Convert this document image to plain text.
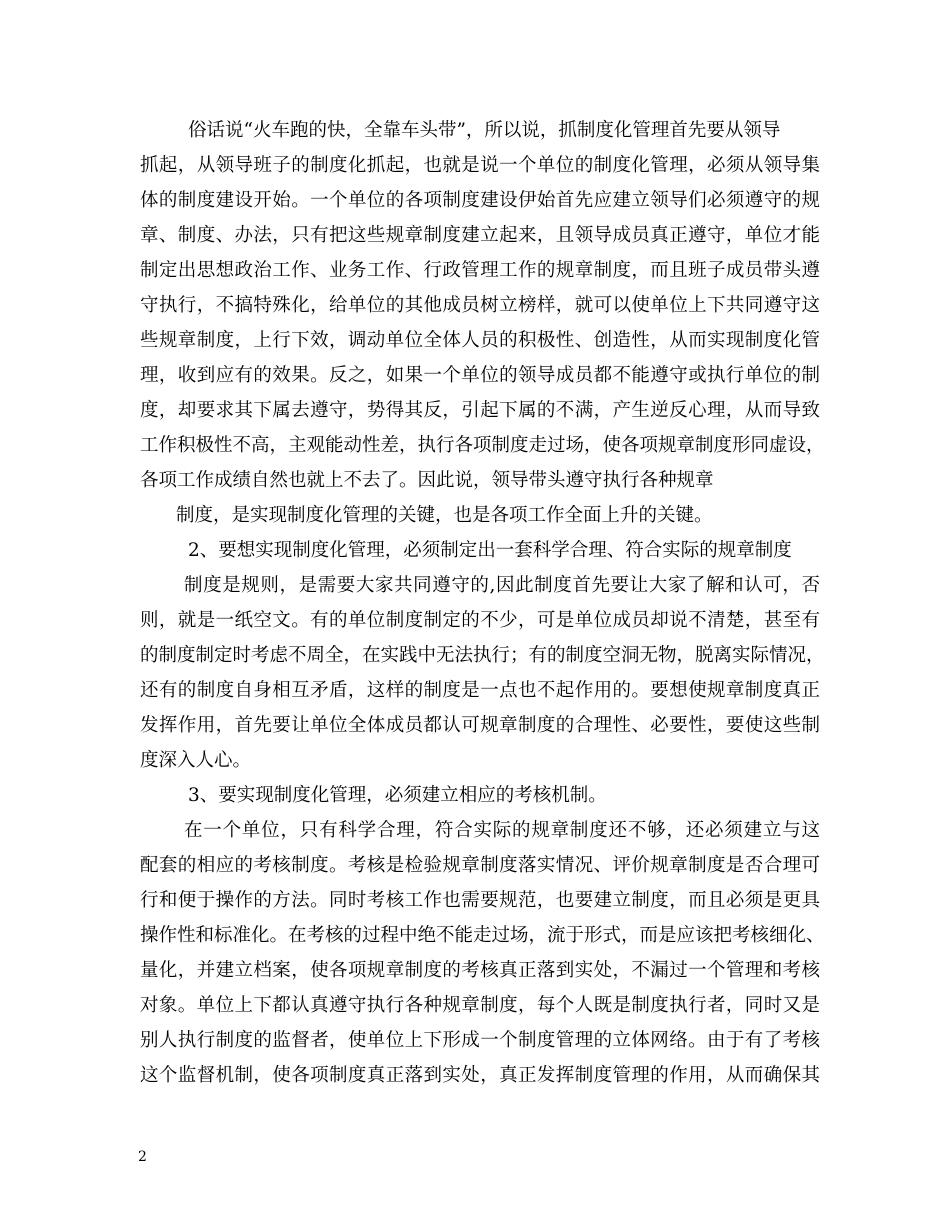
俗话说“火车跑的快，全靠车头带”，所以说，抓制度化管理首先要从领导
抓起，从领导班子的制度化抓起，也就是说一个单位的制度化管理，必须从领导集
体的制度建设开始。一个单位的各项制度建设伊始首先应建立领导们必须遵守的规
章、制度、办法，只有把这些规章制度建立起来，且领导成员真正遵守，单位才能
制定出思想政治工作、业务工作、行政管理工作的规章制度，而且班子成员带头遵
守执行，不搞特殊化，给单位的其他成员树立榜样，就可以使单位上下共同遵守这
些规章制度，上行下效，调动单位全体人员的积极性、创造性，从而实现制度化管
理，收到应有的效果。反之，如果一个单位的领导成员都不能遵守或执行单位的制
度，却要求其下属去遵守，势得其反，引起下属的不满，产生逆反心理，从而导致
工作积极性不高，主观能动性差，执行各项制度走过场，使各项规章制度形同虚设，
各项工作成绩自然也就上不去了。因此说，领导带头遵守执行各种规章
制度，是实现制度化管理的关键，也是各项工作全面上升的关键。
2、要想实现制度化管理，必须制定出一套科学合理、符合实际的规章制度
制度是规则，是需要大家共同遵守的,因此制度首先要让大家了解和认可，否
则，就是一纸空文。有的单位制度制定的不少，可是单位成员却说不清楚，甚至有
的制度制定时考虑不周全，在实践中无法执行；有的制度空洞无物，脱离实际情况，
还有的制度自身相互矛盾，这样的制度是一点也不起作用的。要想使规章制度真正
发挥作用，首先要让单位全体成员都认可规章制度的合理性、必要性，要使这些制
度深入人心。
3、要实现制度化管理，必须建立相应的考核机制。
在一个单位，只有科学合理，符合实际的规章制度还不够，还必须建立与这
配套的相应的考核制度。考核是检验规章制度落实情况、评价规章制度是否合理可
行和便于操作的方法。同时考核工作也需要规范，也要建立制度，而且必须是更具
操作性和标准化。在考核的过程中绝不能走过场，流于形式，而是应该把考核细化、
量化，并建立档案，使各项规章制度的考核真正落到实处，不漏过一个管理和考核
对象。单位上下都认真遵守执行各种规章制度，每个人既是制度执行者，同时又是
别人执行制度的监督者，使单位上下形成一个制度管理的立体网络。由于有了考核
这个监督机制，使各项制度真正落到实处，真正发挥制度管理的作用，从而确保其
2
